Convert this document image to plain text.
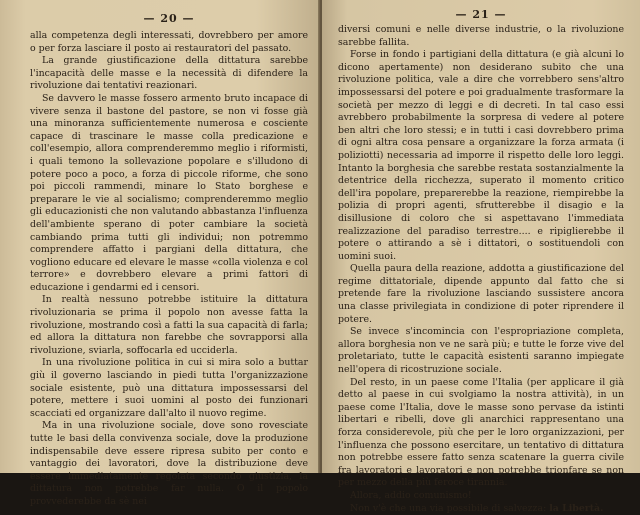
— 20 —

alla competenza degli interessati, dovrebbero per amore o per forza lasciare il posto ai restauratori del passato.

La grande giustificazione della dittatura sarebbe l'incapacità delle masse e la necessità di difendere la rivoluzione dai tentativi reazionari.

Se davvero le masse fossero armento bruto incapace di vivere senza il bastone del pastore, se non vi fosse già una minoranza sufficientemente numerosa e cosciente capace di trascinare le masse colla predicazione e coll'esempio, allora comprenderemmo meglio i riformisti, i quali temono la sollevazione popolare e s'illudono di potere poco a poco, a forza di piccole riforme, che sono poi piccoli rammendi, minare lo Stato borghese e preparare le vie al socialismo; comprenderemmo meglio gli educazionisti che non valutando abbastanza l'influenza dell'ambiente sperano di poter cambiare la società cambiando prima tutti gli individui; non potremmo comprendere affatto i pargiani della dittatura, che vogliono educare ed elevare le masse «colla violenza e col terrore» e dovrebbero elevare a primi fattori di educazione i gendarmi ed i censori.

In realtà nessuno potrebbe istituire la dittatura rivoluzionaria se prima il popolo non avesse fatta la rivoluzione, mostrando così a fatti la sua capacità di farla; ed allora la dittatura non farebbe che sovrapporsi alla rivoluzione, sviarla, soffocarla ed ucciderla.

In una rivoluzione politica in cui si mira solo a buttar giù il governo lasciando in piedi tutta l'organizzazione sociale esistente, può una dittatura impossessarsi del potere, mettere i suoi uomini al posto dei funzionari scacciati ed organizzare dall'alto il nuovo regime.

Ma in una rivoluzione sociale, dove sono rovesciate tutte le basi della convivenza sociale, dove la produzione indispensabile deve essere ripresa subito per conto e vantaggio dei lavoratori, dove la distribuzione deve essere immediatamente regolata secondo giustizia, la dittatura non potrebbe far nulla. O il popolo provvederebbe da sè nei

— 21 —

diversi comuni e nelle diverse industrie, o la rivoluzione sarebbe fallita.

Forse in fondo i partigiani della dittatura (e già alcuni lo dicono apertamente) non desiderano subito che una rivoluzione politica, vale a dire che vorrebbero sens'altro impossessarsi del potere e poi gradualmente trasformare la società per mezzo di leggi e di decreti. In tal caso essi avrebbero probabilmente la sorpresa di vedere al potere ben altri che loro stessi; e in tutti i casi dovrebbero prima di ogni altra cosa pensare a organizzare la forza armata (i poliziotti) necessaria ad imporre il rispetto delle loro leggi. Intanto la borghesia che sarebbe restata sostanzialmente la detentrice della ricchezza, superato il momento critico dell'ira popolare, preparerebbe la reazione, riempirebbe la polizia di propri agenti, sfrutterebbe il disagio e la disillusione di coloro che si aspettavano l'immediata realizzazione del paradiso terrestre.... e ripiglierebbe il potere o attirando a sè i dittatori, o sostituendoli con uomini suoi.

Quella paura della reazione, addotta a giustificazione del regime dittatoriale, dipende appunto dal fatto che si pretende fare la rivoluzione lasciando sussistere ancora una classe privilegiata in condizione di poter riprendere il potere.

Se invece s'incomincia con l'espropriazione completa, allora borghesia non ve ne sarà più; e tutte le forze vive del proletariato, tutte le capacità esistenti saranno impiegate nell'opera di ricostruzione sociale.

Del resto, in un paese come l'Italia (per applicare il già detto al paese in cui svolgiamo la nostra attività), in un paese come l'Italia, dove le masse sono pervase da istinti libertari e ribelli, dove gli anarchici rappresentano una forza considerevole, più che per le loro organizzazioni, per l'influenza che possono esercitare, un tentativo di dittatura non potrebbe essere fatto senza scatenare la guerra civile fra lavoratori e lavoratori e non potrebbe trionfare se non per mezzo della più feroce tirannia.

Allora, addio comunismo!

Non v'è che una via possibile di salvezza: la Libertà.
